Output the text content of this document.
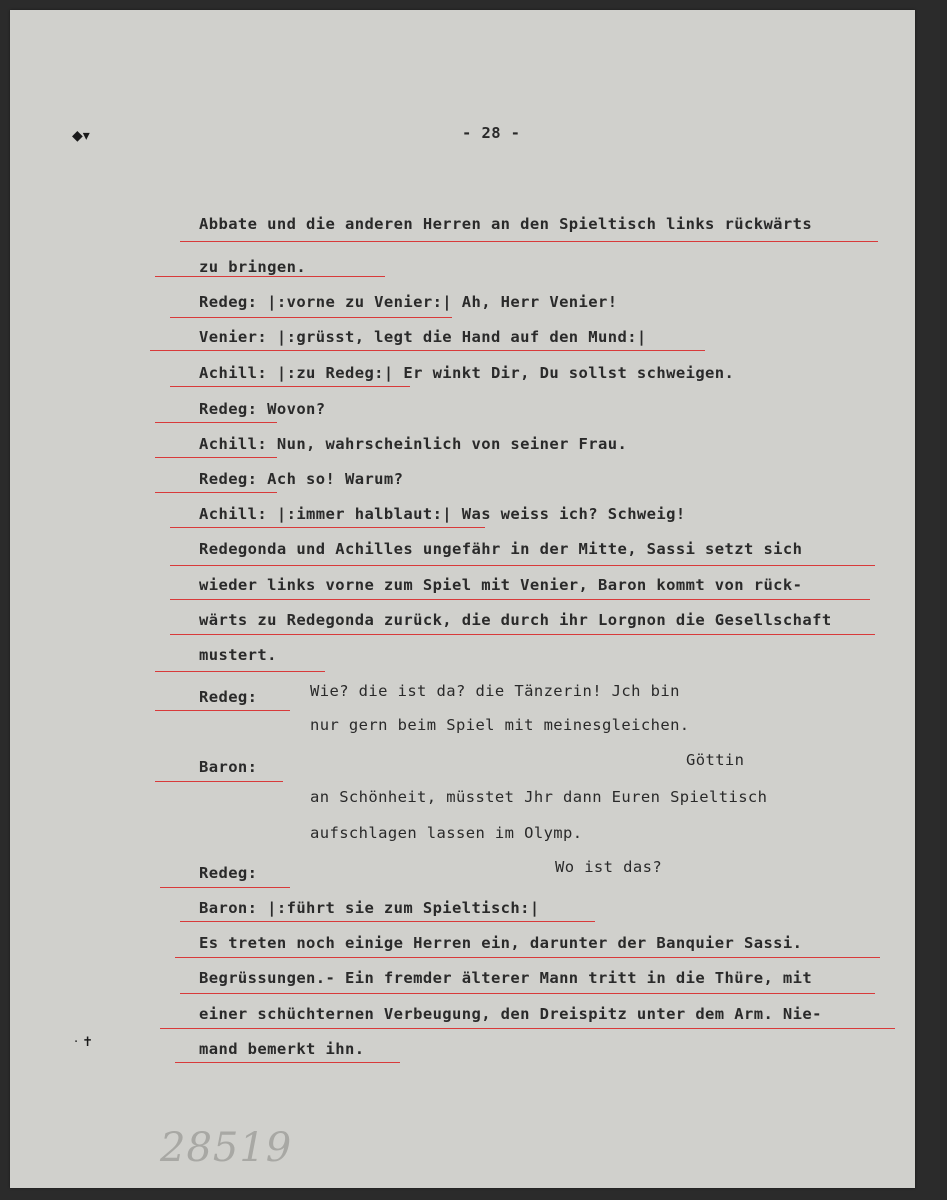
◆▾
· ✝
- 28 -
Abbate und die anderen Herren an den Spieltisch links rückwärts
zu bringen.
Redeg: |:vorne zu Venier:| Ah, Herr Venier!
Venier: |:grüsst, legt die Hand auf den Mund:|
Achill: |:zu Redeg:| Er winkt Dir, Du sollst schweigen.
Redeg: Wovon?
Achill: Nun, wahrscheinlich von seiner Frau.
Redeg: Ach so! Warum?
Achill: |:immer halblaut:| Was weiss ich? Schweig!
Redegonda und Achilles ungefähr in der Mitte, Sassi setzt sich
wieder links vorne zum Spiel mit Venier, Baron kommt von rück-
wärts zu Redegonda zurück, die durch ihr Lorgnon die Gesellschaft
mustert.
Redeg:	Wie? die ist da? die Tänzerin! Jch bin
nur gern beim Spiel mit meinesgleichen.
Baron:	Göttin
an Schönheit, müsstet Jhr dann Euren Spieltisch
aufschlagen lassen im Olymp.
Redeg:	Wo ist das?
Baron: |:führt sie zum Spieltisch:|
Es treten noch einige Herren ein, darunter der Banquier Sassi.
Begrüssungen.- Ein fremder älterer Mann tritt in die Thüre, mit
einer schüchternen Verbeugung, den Dreispitz unter dem Arm. Nie-
mand bemerkt ihn.
28519
